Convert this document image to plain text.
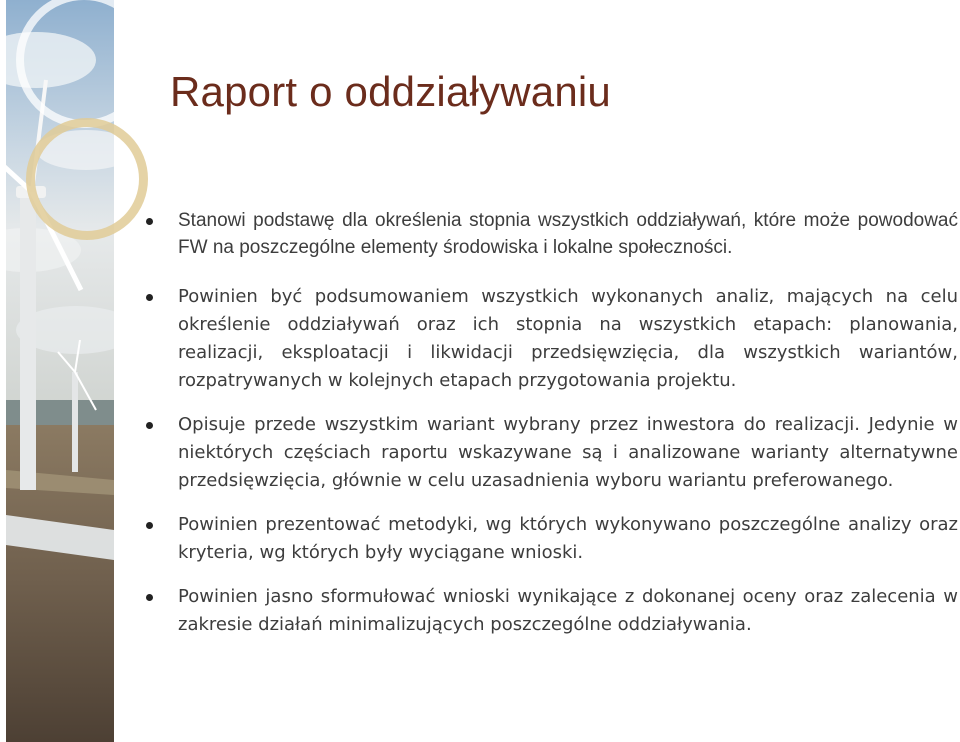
Raport o oddziaływaniu
Stanowi podstawę dla określenia stopnia wszystkich oddziaływań, które może powodować FW na poszczególne elementy środowiska i lokalne społeczności.
Powinien być podsumowaniem wszystkich wykonanych analiz, mających na celu określenie oddziaływań oraz ich stopnia na wszystkich etapach: planowania, realizacji, eksploatacji i likwidacji przedsięwzięcia, dla wszystkich wariantów, rozpatrywanych w kolejnych etapach przygotowania projektu.
Opisuje przede wszystkim wariant wybrany przez inwestora do realizacji. Jedynie w niektórych częściach raportu wskazywane są i analizowane warianty alternatywne przedsięwzięcia, głównie w celu uzasadnienia wyboru wariantu preferowanego.
Powinien prezentować metodyki, wg których wykonywano poszczególne analizy oraz kryteria, wg których były wyciągane wnioski.
Powinien jasno sformułować wnioski wynikające z dokonanej oceny oraz zalecenia w zakresie działań minimalizujących poszczególne oddziaływania.
